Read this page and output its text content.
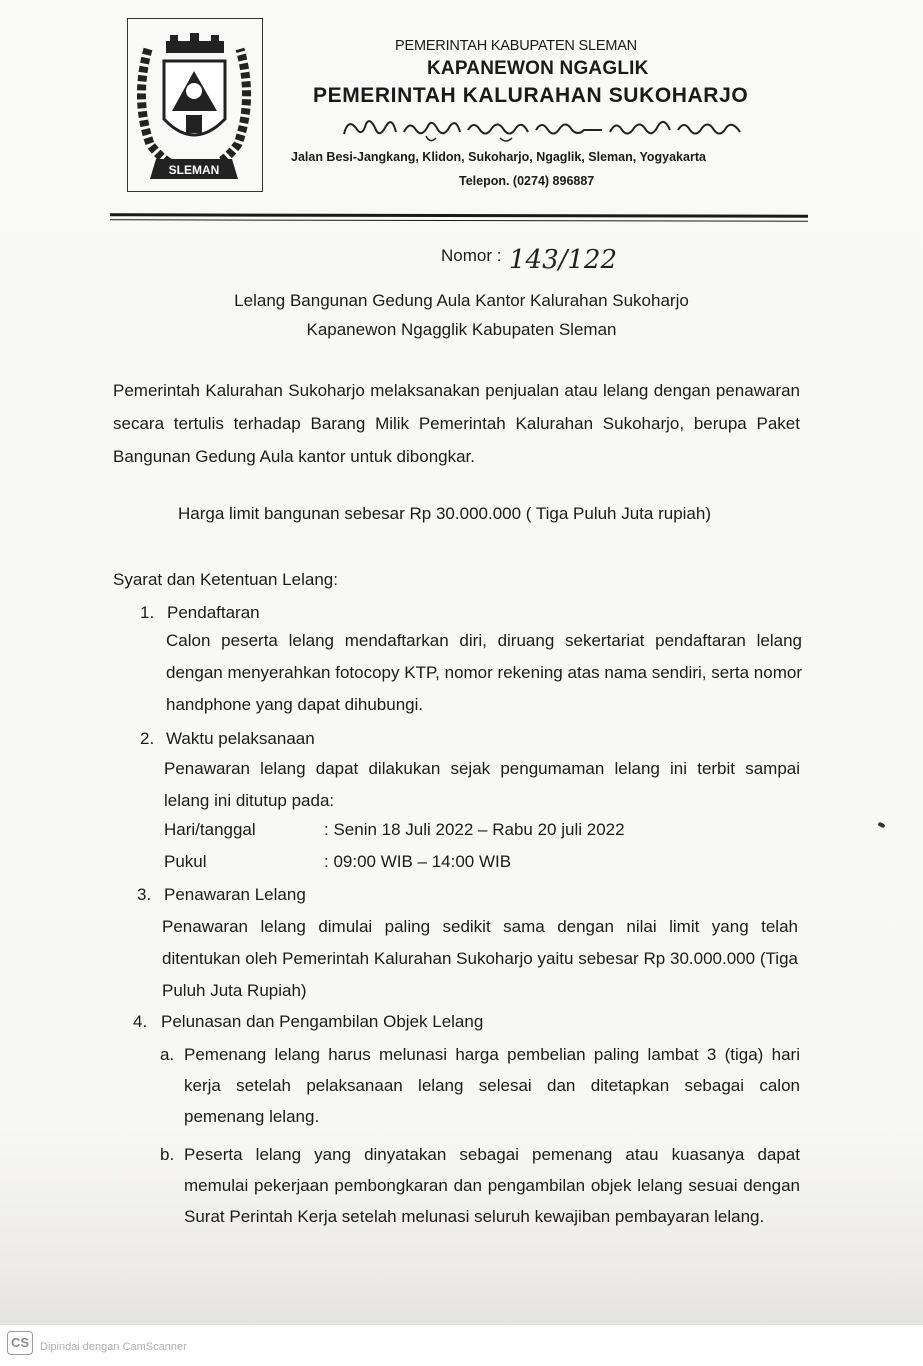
SLEMAN
PEMERINTAH KABUPATEN SLEMAN
KAPANEWON NGAGLIK
PEMERINTAH KALURAHAN SUKOHARJO
Jalan Besi-Jangkang, Klidon, Sukoharjo, Ngaglik, Sleman, Yogyakarta
Telepon. (0274) 896887
Nomor : 143/122
Lelang Bangunan Gedung Aula Kantor Kalurahan Sukoharjo
Kapanewon Ngagglik Kabupaten Sleman
Pemerintah Kalurahan Sukoharjo melaksanakan penjualan atau lelang dengan penawaran secara tertulis terhadap Barang Milik Pemerintah Kalurahan Sukoharjo, berupa Paket Bangunan Gedung Aula kantor untuk dibongkar.
Harga limit bangunan sebesar Rp 30.000.000 ( Tiga Puluh Juta rupiah)
Syarat dan Ketentuan Lelang:
1. Pendaftaran
Calon peserta lelang mendaftarkan diri, diruang sekertariat pendaftaran lelang dengan menyerahkan fotocopy KTP, nomor rekening atas nama sendiri, serta nomor handphone yang dapat dihubungi.
2. Waktu pelaksanaan
Penawaran lelang dapat dilakukan sejak pengumaman lelang ini terbit sampai lelang ini ditutup pada:
Hari/tanggal	: Senin 18 Juli 2022 – Rabu 20 juli 2022
Pukul	: 09:00 WIB – 14:00 WIB
3. Penawaran Lelang
Penawaran lelang dimulai paling sedikit sama dengan nilai limit yang telah ditentukan oleh Pemerintah Kalurahan Sukoharjo yaitu sebesar Rp 30.000.000 (Tiga Puluh Juta Rupiah)
4. Pelunasan dan Pengambilan Objek Lelang
a. Pemenang lelang harus melunasi harga pembelian paling lambat 3 (tiga) hari kerja setelah pelaksanaan lelang selesai dan ditetapkan sebagai calon pemenang lelang.
b. Peserta lelang yang dinyatakan sebagai pemenang atau kuasanya dapat memulai pekerjaan pembongkaran dan pengambilan objek lelang sesuai dengan Surat Perintah Kerja setelah melunasi seluruh kewajiban pembayaran lelang.
CS Dipindai dengan CamScanner
